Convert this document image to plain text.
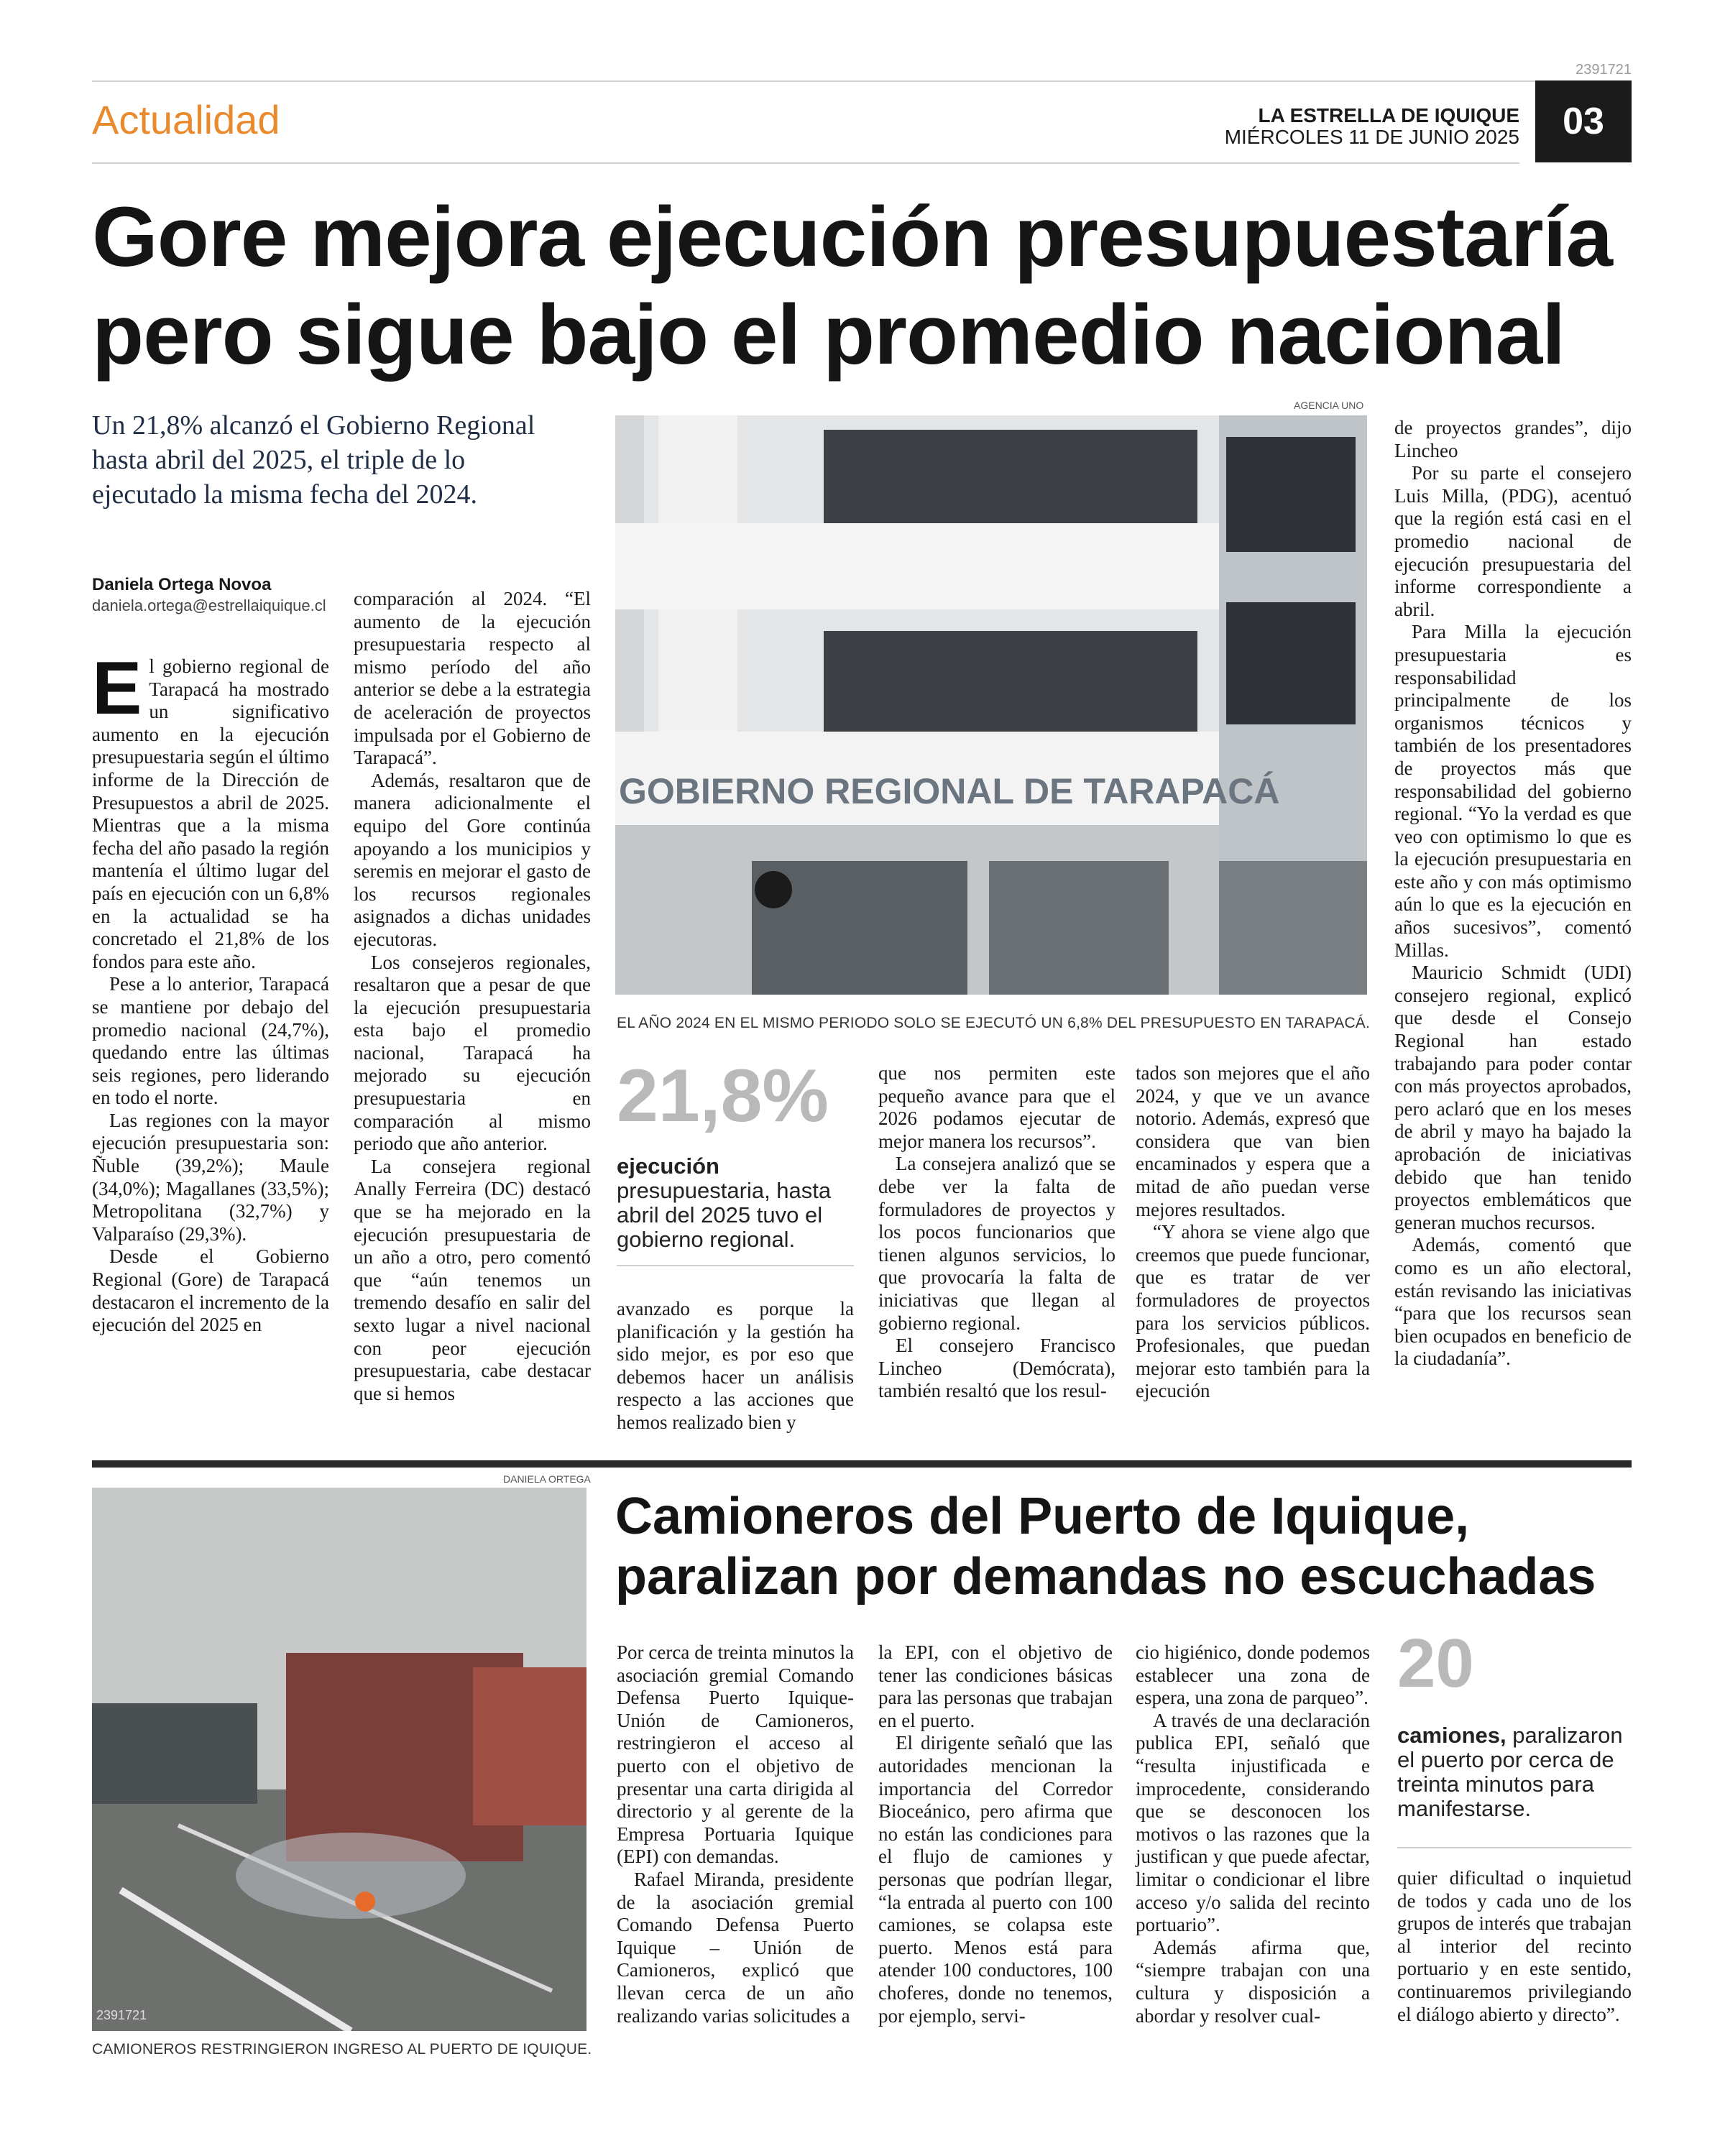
2391721
Actualidad	LA ESTRELLA DE IQUIQUE
MIÉRCOLES 11 DE JUNIO 2025	03
Gore mejora ejecución presupuestaría
pero sigue bajo el promedio nacional
Un 21,8% alcanzó el Gobierno Regional hasta abril del 2025, el triple de lo ejecutado la misma fecha del 2024.
Daniela Ortega Novoa
daniela.ortega@estrellaiquique.cl

El gobierno regional de Tarapacá ha mostrado un significativo aumento en la ejecución presupuestaria según el último informe de la Dirección de Presupuestos a abril de 2025. Mientras que a la misma fecha del año pasado la región mantenía el último lugar del país en ejecución con un 6,8% en la actualidad se ha concretado el 21,8% de los fondos para este año.

Pese a lo anterior, Tarapacá se mantiene por debajo del promedio nacional (24,7%), quedando entre las últimas seis regiones, pero liderando en todo el norte.

Las regiones con la mayor ejecución presupuestaria son: Ñuble (39,2%); Maule (34,0%); Magallanes (33,5%); Metropolitana (32,7%) y Valparaíso (29,3%).

Desde el Gobierno Regional (Gore) de Tarapacá destacaron el incremento de la ejecución del 2025 en

comparación al 2024. “El aumento de la ejecución presupuestaria respecto al mismo período del año anterior se debe a la estrategia de aceleración de proyectos impulsada por el Gobierno de Tarapacá”.

Además, resaltaron que de manera adicionalmente el equipo del Gore continúa apoyando a los municipios y seremis en mejorar el gasto de los recursos regionales asignados a dichas unidades ejecutoras.

Los consejeros regionales, resaltaron que a pesar de que la ejecución presupuestaria esta bajo el promedio nacional, Tarapacá ha mejorado su ejecución presupuestaria en comparación al mismo periodo que año anterior.

La consejera regional Anally Ferreira (DC) destacó que se ha mejorado en la ejecución presupuestaria de un año a otro, pero comentó que “aún tenemos un tremendo desafío en salir del sexto lugar a nivel nacional con peor ejecución presupuestaria, cabe destacar que si hemos

AGENCIA UNO
GOBIERNO REGIONAL DE TARAPACÁ
EL AÑO 2024 EN EL MISMO PERIODO SOLO SE EJECUTÓ UN 6,8% DEL PRESUPUESTO EN TARAPACÁ.
21,8%
ejecución presupuestaria, hasta abril del 2025 tuvo el gobierno regional.

avanzado es porque la planificación y la gestión ha sido mejor, es por eso que debemos hacer un análisis respecto a las acciones que hemos realizado bien y

que nos permiten este pequeño avance para que el 2026 podamos ejecutar de mejor manera los recursos”.

La consejera analizó que se debe ver la falta de formuladores de proyectos y los pocos funcionarios que tienen algunos servicios, lo que provocaría la falta de iniciativas que llegan al gobierno regional.

El consejero Francisco Lincheo (Demócrata), también resaltó que los resul-

tados son mejores que el año 2024, y que ve un avance notorio. Además, expresó que considera que van bien encaminados y espera que a mitad de año puedan verse mejores resultados.

“Y ahora se viene algo que creemos que puede funcionar, que es tratar de ver formuladores de proyectos para los servicios públicos. Profesionales, que puedan mejorar esto también para la ejecución

de proyectos grandes”, dijo Lincheo

Por su parte el consejero Luis Milla, (PDG), acentuó que la región está casi en el promedio nacional de ejecución presupuestaria del informe correspondiente a abril.

Para Milla la ejecución presupuestaria es responsabilidad principalmente de los organismos técnicos y también de los presentadores de proyectos más que responsabilidad del gobierno regional. “Yo la verdad es que veo con optimismo lo que es la ejecución presupuestaria en este año y con más optimismo aún lo que es la ejecución en años sucesivos”, comentó Millas.

Mauricio Schmidt (UDI) consejero regional, explicó que desde el Consejo Regional han estado trabajando para poder contar con más proyectos aprobados, pero aclaró que en los meses de abril y mayo ha bajado la aprobación de iniciativas debido que han tenido proyectos emblemáticos que generan muchos recursos.

Además, comentó que como es un año electoral, están revisando las iniciativas “para que los recursos sean bien ocupados en beneficio de la ciudadanía”.

DANIELA ORTEGA
2391721
CAMIONEROS RESTRINGIERON INGRESO AL PUERTO DE IQUIQUE.
Camioneros del Puerto de Iquique,
paralizan por demandas no escuchadas

Por cerca de treinta minutos la asociación gremial Comando Defensa Puerto Iquique- Unión de Camioneros, restringieron el acceso al puerto con el objetivo de presentar una carta dirigida al directorio y al gerente de la Empresa Portuaria Iquique (EPI) con demandas.

Rafael Miranda, presidente de la asociación gremial Comando Defensa Puerto Iquique – Unión de Camioneros, explicó que llevan cerca de un año realizando varias solicitudes a

la EPI, con el objetivo de tener las condiciones básicas para las personas que trabajan en el puerto.

El dirigente señaló que las autoridades mencionan la importancia del Corredor Bioceánico, pero afirma que no están las condiciones para el flujo de camiones y personas que podrían llegar, “la entrada al puerto con 100 camiones, se colapsa este puerto. Menos está para atender 100 conductores, 100 choferes, donde no tenemos, por ejemplo, servi-

cio higiénico, donde podemos establecer una zona de espera, una zona de parqueo”.

A través de una declaración publica EPI, señaló que “resulta injustificada e improcedente, considerando que se desconocen los motivos o las razones que la justifican y que puede afectar, limitar o condicionar el libre acceso y/o salida del recinto portuario”.

Además afirma que, “siempre trabajan con una cultura y disposición a abordar y resolver cual-

20
camiones, paralizaron el puerto por cerca de treinta minutos para manifestarse.

quier dificultad o inquietud de todos y cada uno de los grupos de interés que trabajan al interior del recinto portuario y en este sentido, continuaremos privilegiando el diálogo abierto y directo”.
